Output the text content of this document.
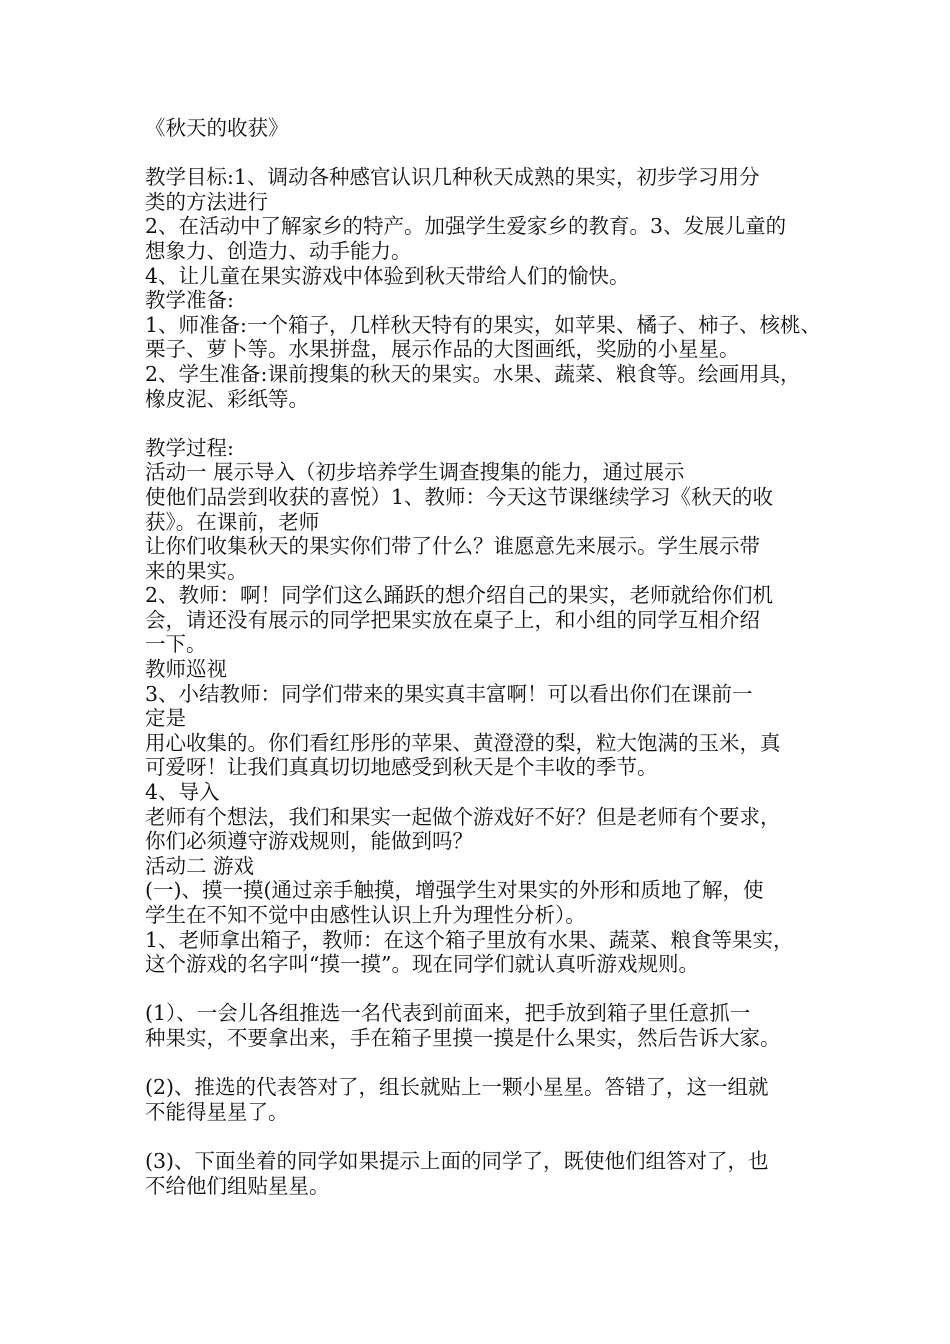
《秋天的收获》
教学目标:1、调动各种感官认识几种秋天成熟的果实，初步学习用分
类的方法进行
2、在活动中了解家乡的特产。加强学生爱家乡的教育。3、发展儿童的
想象力、创造力、动手能力。
4、让儿童在果实游戏中体验到秋天带给人们的愉快。
教学准备:
1、师准备:一个箱子，几样秋天特有的果实，如苹果、橘子、柿子、核桃、
栗子、萝卜等。水果拼盘，展示作品的大图画纸，奖励的小星星。
2、学生准备:课前搜集的秋天的果实。水果、蔬菜、粮食等。绘画用具，
橡皮泥、彩纸等。
教学过程:
活动一 展示导入（初步培养学生调查搜集的能力，通过展示
使他们品尝到收获的喜悦）1、教师：今天这节课继续学习《秋天的收
获》。在课前，老师
让你们收集秋天的果实你们带了什么？谁愿意先来展示。学生展示带
来的果实。
2、教师：啊！同学们这么踊跃的想介绍自己的果实，老师就给你们机
会，请还没有展示的同学把果实放在桌子上，和小组的同学互相介绍
一下。
教师巡视
3、小结教师：同学们带来的果实真丰富啊！可以看出你们在课前一
定是
用心收集的。你们看红彤彤的苹果、黄澄澄的梨，粒大饱满的玉米，真
可爱呀！让我们真真切切地感受到秋天是个丰收的季节。
4、导入
老师有个想法，我们和果实一起做个游戏好不好？但是老师有个要求，
你们必须遵守游戏规则，能做到吗？
活动二 游戏
(一)、摸一摸(通过亲手触摸，增强学生对果实的外形和质地了解，使
学生在不知不觉中由感性认识上升为理性分析）。
1、老师拿出箱子，教师：在这个箱子里放有水果、蔬菜、粮食等果实，
这个游戏的名字叫“摸一摸”。现在同学们就认真听游戏规则。
(1）、一会儿各组推选一名代表到前面来，把手放到箱子里任意抓一
种果实，不要拿出来，手在箱子里摸一摸是什么果实，然后告诉大家。
(2)、推选的代表答对了，组长就贴上一颗小星星。答错了，这一组就
不能得星星了。
(3)、下面坐着的同学如果提示上面的同学了，既使他们组答对了，也
不给他们组贴星星。
